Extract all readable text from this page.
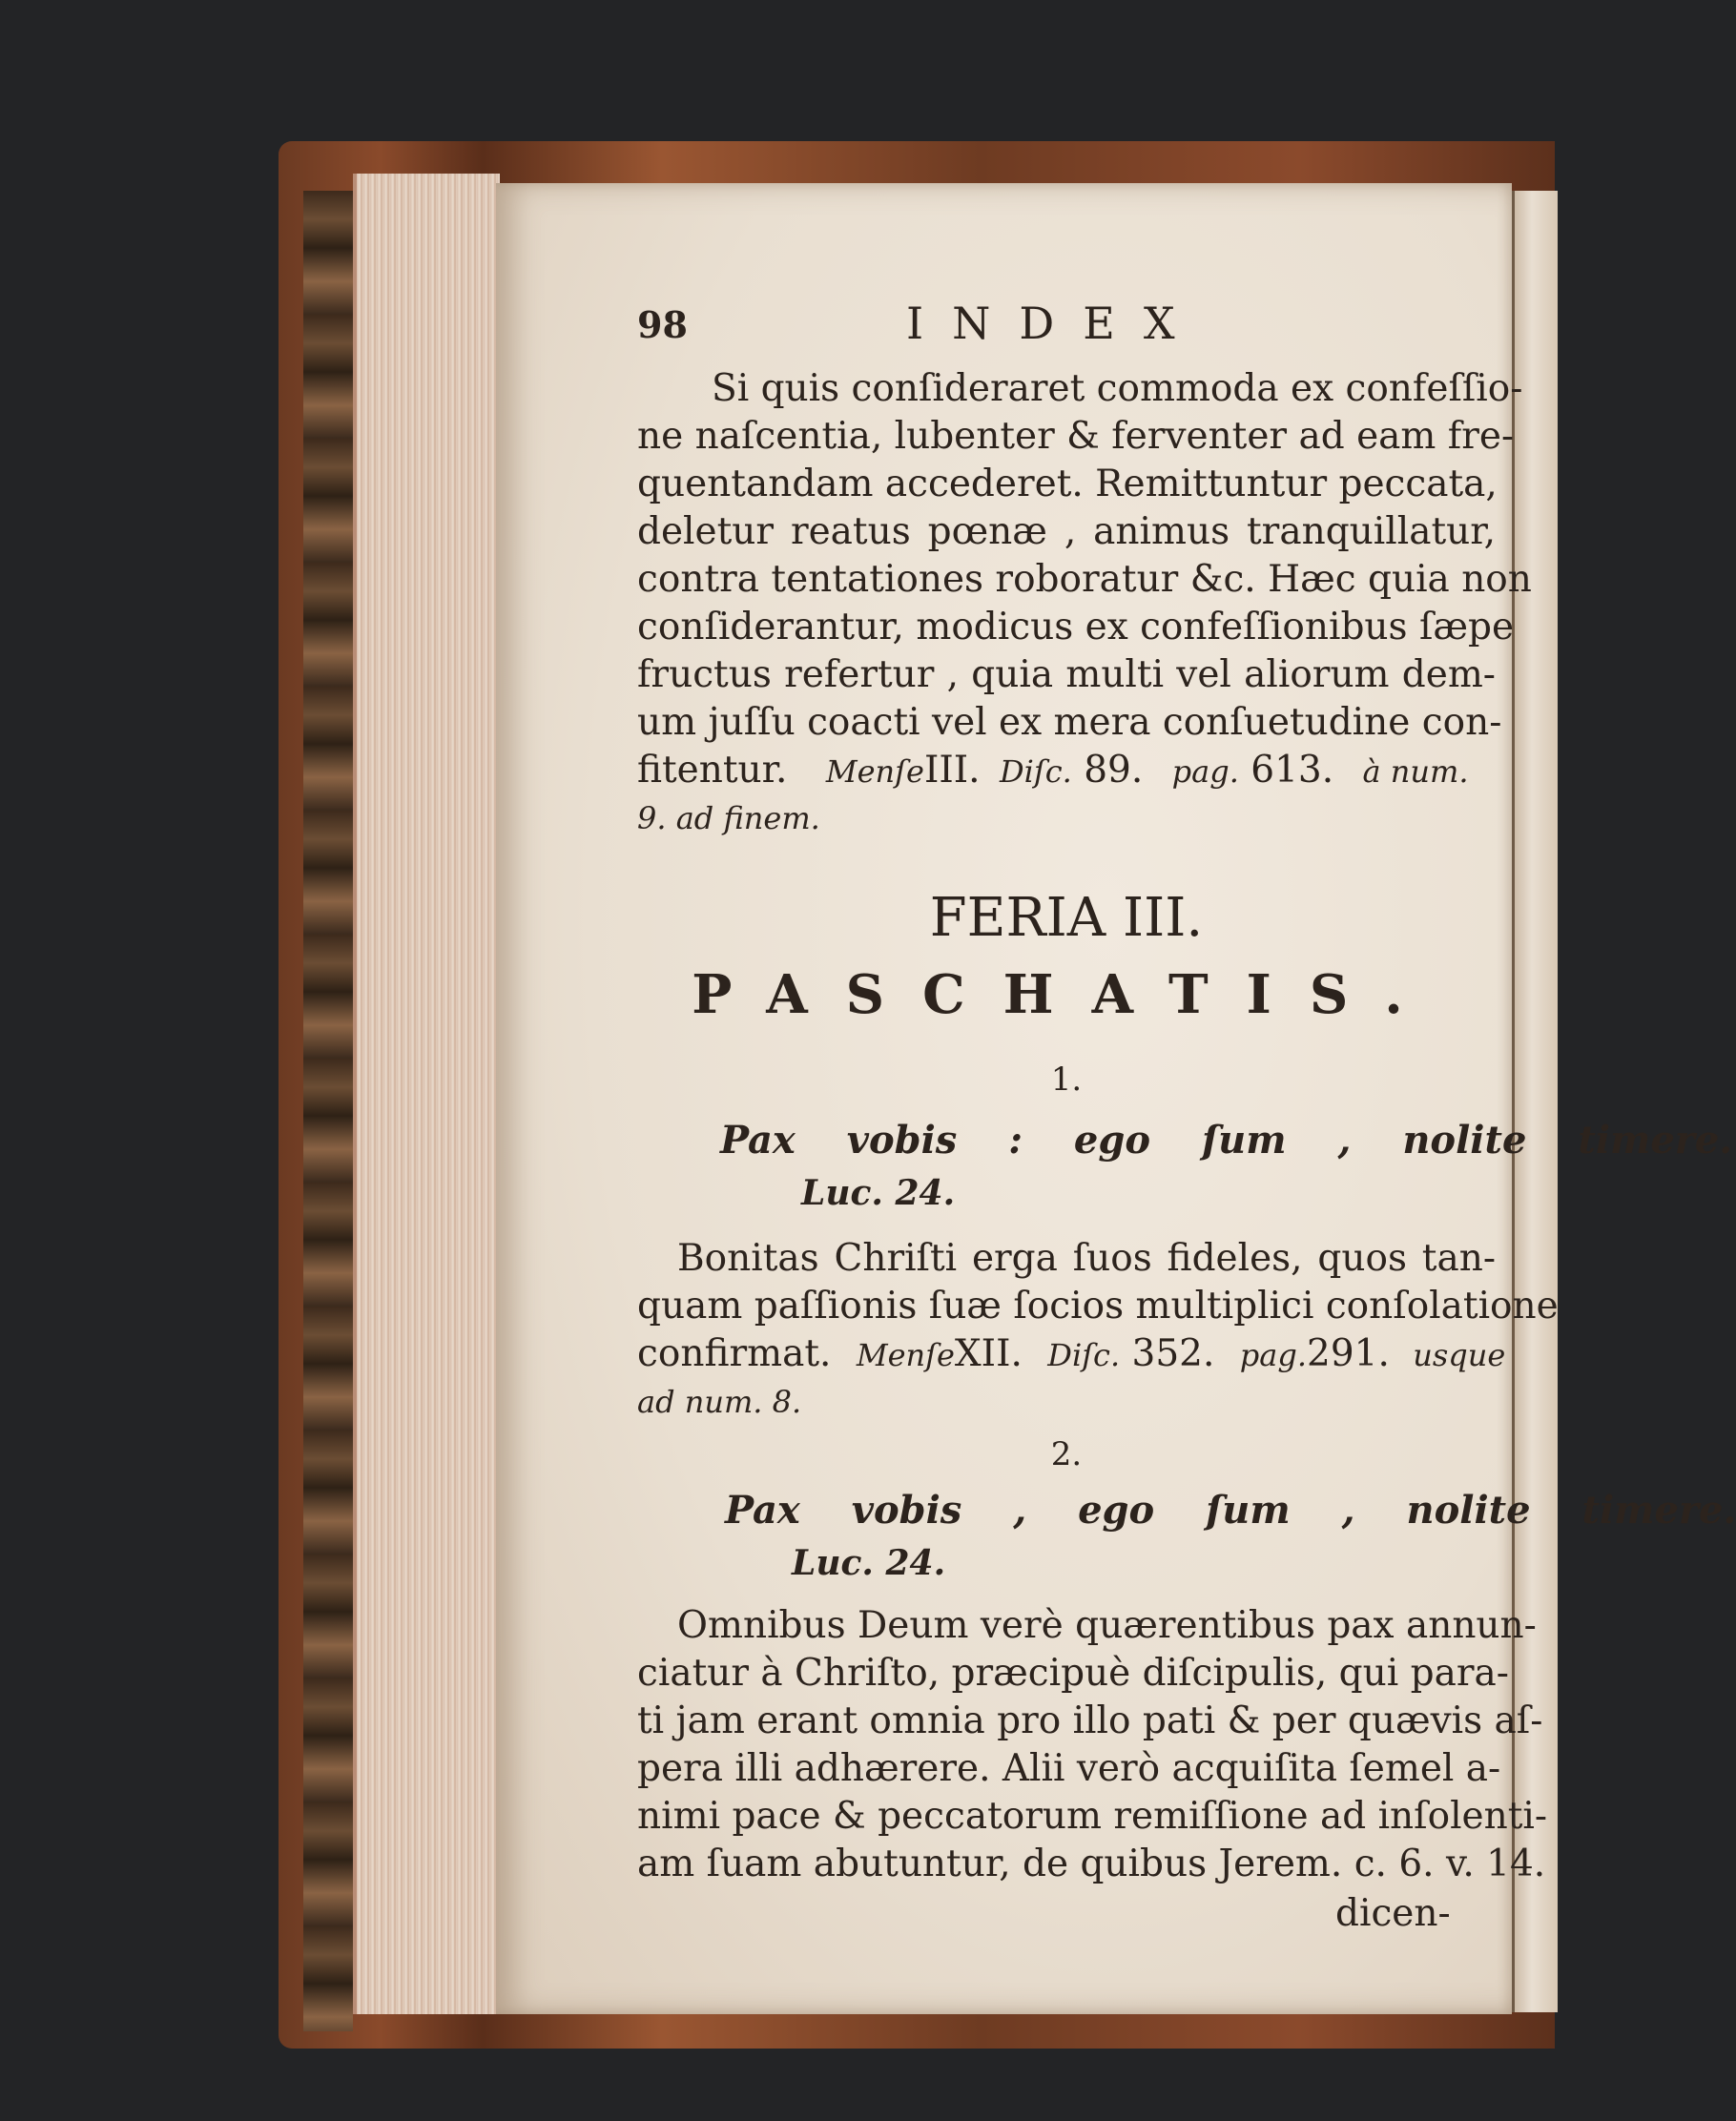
98	INDEX
Si quis conſideraret commoda ex confeſſio-
ne naſcentia, lubenter & ferventer ad eam fre-
quentandam accederet. Remittuntur peccata,
deletur reatus pœnæ , animus tranquillatur,
contra tentationes roboratur &c. Hæc quia non
conſiderantur, modicus ex confeſſionibus ſæpe
fructus refertur , quia multi vel aliorum dem-
um juſſu coacti vel ex mera conſuetudine con-
fitentur. MenſeIII. Diſc. 89. pag. 613. à num.
9. ad finem.
FERIA III.
PASCHATIS.
1.
Pax vobis : ego ſum , nolite timere.
Luc. 24.
Bonitas Chriſti erga ſuos fideles, quos tan-
quam paſſionis ſuæ ſocios multiplici conſolatione
confirmat. MenſeXII. Diſc. 352. pag.291. usque
ad num. 8.
2.
Pax vobis , ego ſum , nolite timere.
Luc. 24.
Omnibus Deum verè quærentibus pax annun-
ciatur à Chriſto, præcipuè diſcipulis, qui para-
ti jam erant omnia pro illo pati & per quævis aſ-
pera illi adhærere. Alii verò acquiſita ſemel a-
nimi pace & peccatorum remiſſione ad inſolenti-
am ſuam abutuntur, de quibus Jerem. c. 6. v. 14.
dicen-
